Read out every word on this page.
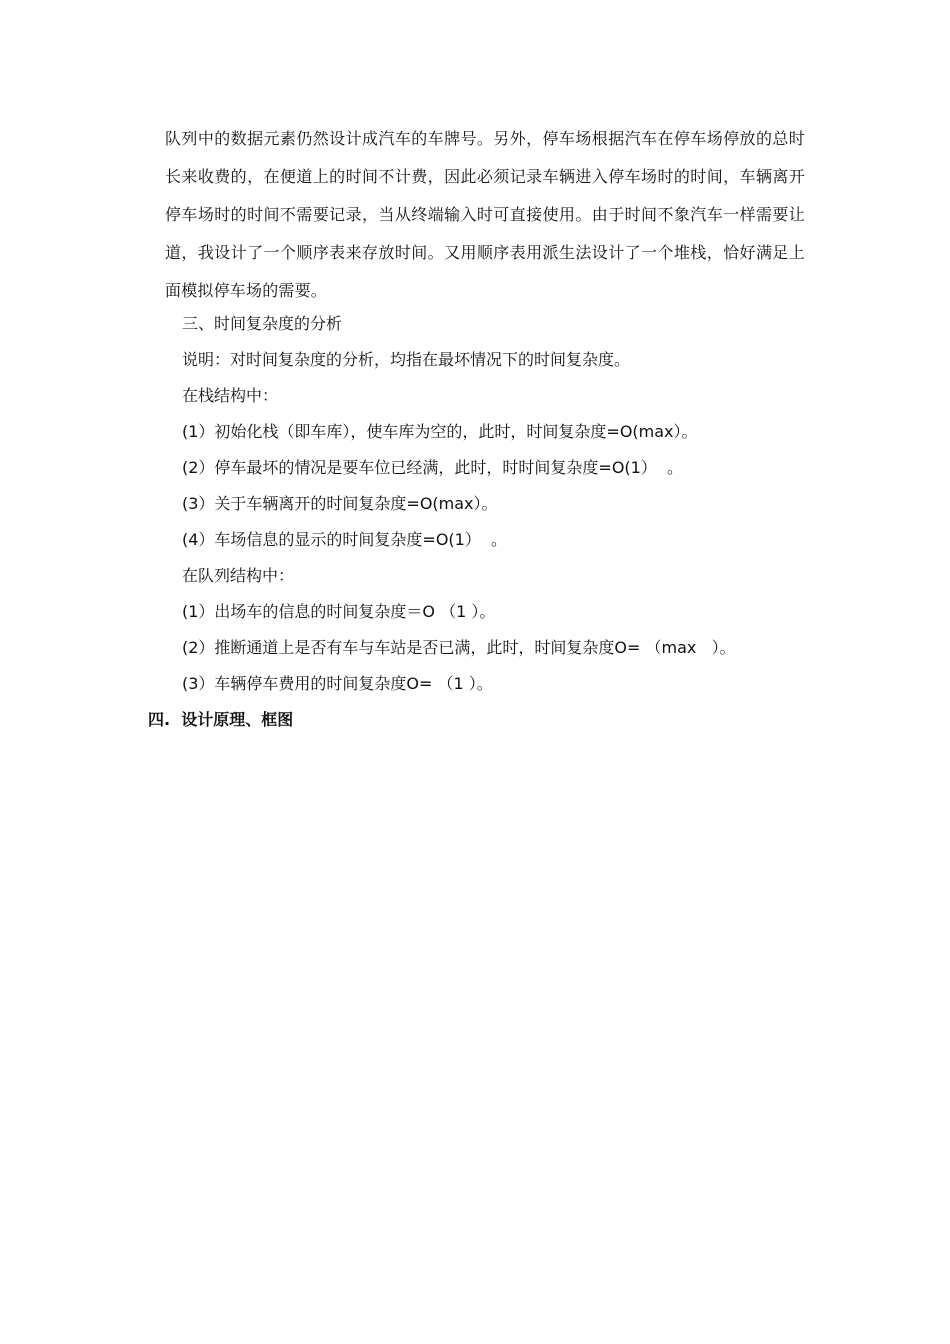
队列中的数据元素仍然设计成汽车的车牌号。另外，停车场根据汽车在停车场停放的总时长来收费的，在便道上的时间不计费，因此必须记录车辆进入停车场时的时间，车辆离开停车场时的时间不需要记录，当从终端输入时可直接使用。由于时间不象汽车一样需要让道，我设计了一个顺序表来存放时间。又用顺序表用派生法设计了一个堆栈，恰好满足上面模拟停车场的需要。
三、时间复杂度的分析
说明：对时间复杂度的分析，均指在最坏情况下的时间复杂度。
在栈结构中：
(1）初始化栈（即车库），使车库为空的，此时，时间复杂度=O(max）。
(2）停车最坏的情况是要车位已经满，此时，时时间复杂度=O(1）  。
(3）关于车辆离开的时间复杂度=O(max）。
(4）车场信息的显示的时间复杂度=O(1）  。
在队列结构中：
(1）出场车的信息的时间复杂度＝O （1 ）。
(2）推断通道上是否有车与车站是否已满，此时，时间复杂度O= （max   ）。
(3）车辆停车费用的时间复杂度O= （1 ）。
四.  设计原理、框图
